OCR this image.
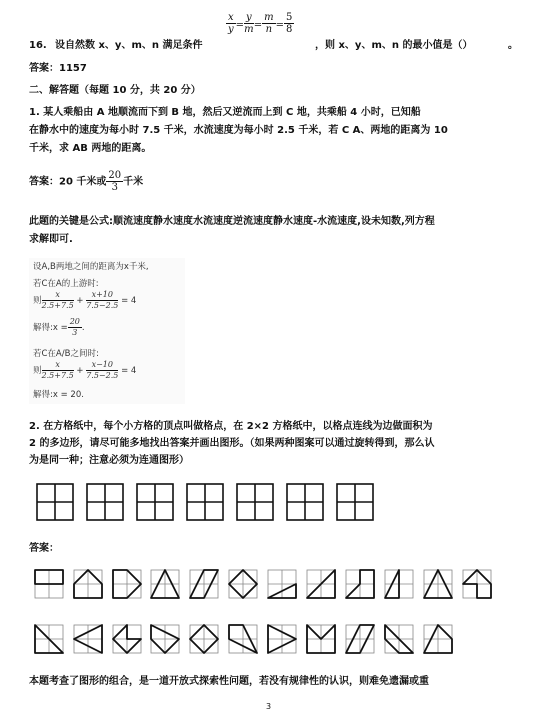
16. 设自然数 x、y、m、n 满足条件
$\frac{x}{y} = \frac{y}{m} = \frac{m}{n} = \frac{5}{8}$
，则 x、y、m、n 的最小值是（）	。
答案：1157
二、解答题（每题 10 分，共 20 分）
1. 某人乘船由 A 地顺流而下到 B 地，然后又逆流而上到 C 地，共乘船 4 小时，已知船
在静水中的速度为每小时 7.5 千米，水流速度为每小时 2.5 千米，若 C A、两地的距离为 10
千米，求 AB 两地的距离。
答案：20 千米或 $\frac{20}{3}$ 千米
此题的关键是公式:顺流速度静水速度水流速度逆流速度静水速度-水流速度,设未知数,列方程
求解即可.
设A,B两地之间的距离为x千米,
若C在A的上游时:
则 $\frac{x}{2.5+7.5} + \frac{x+10}{7.5-2.5} = 4$
解得:x = $\frac{20}{3}$ .
若C在A/B之间时:
则 $\frac{x}{2.5+7.5} + \frac{x-10}{7.5-2.5} = 4$
解得:x = 20.
2. 在方格纸中，每个小方格的顶点叫做格点，在 2×2 方格纸中，以格点连线为边做面积为
2 的多边形，请尽可能多地找出答案并画出图形。（如果两种图案可以通过旋转得到，那么认
为是同一种；注意必须为连通图形）
答案：
本题考查了图形的组合，是一道开放式探索性问题，若没有规律性的认识，则难免遗漏或重
3
